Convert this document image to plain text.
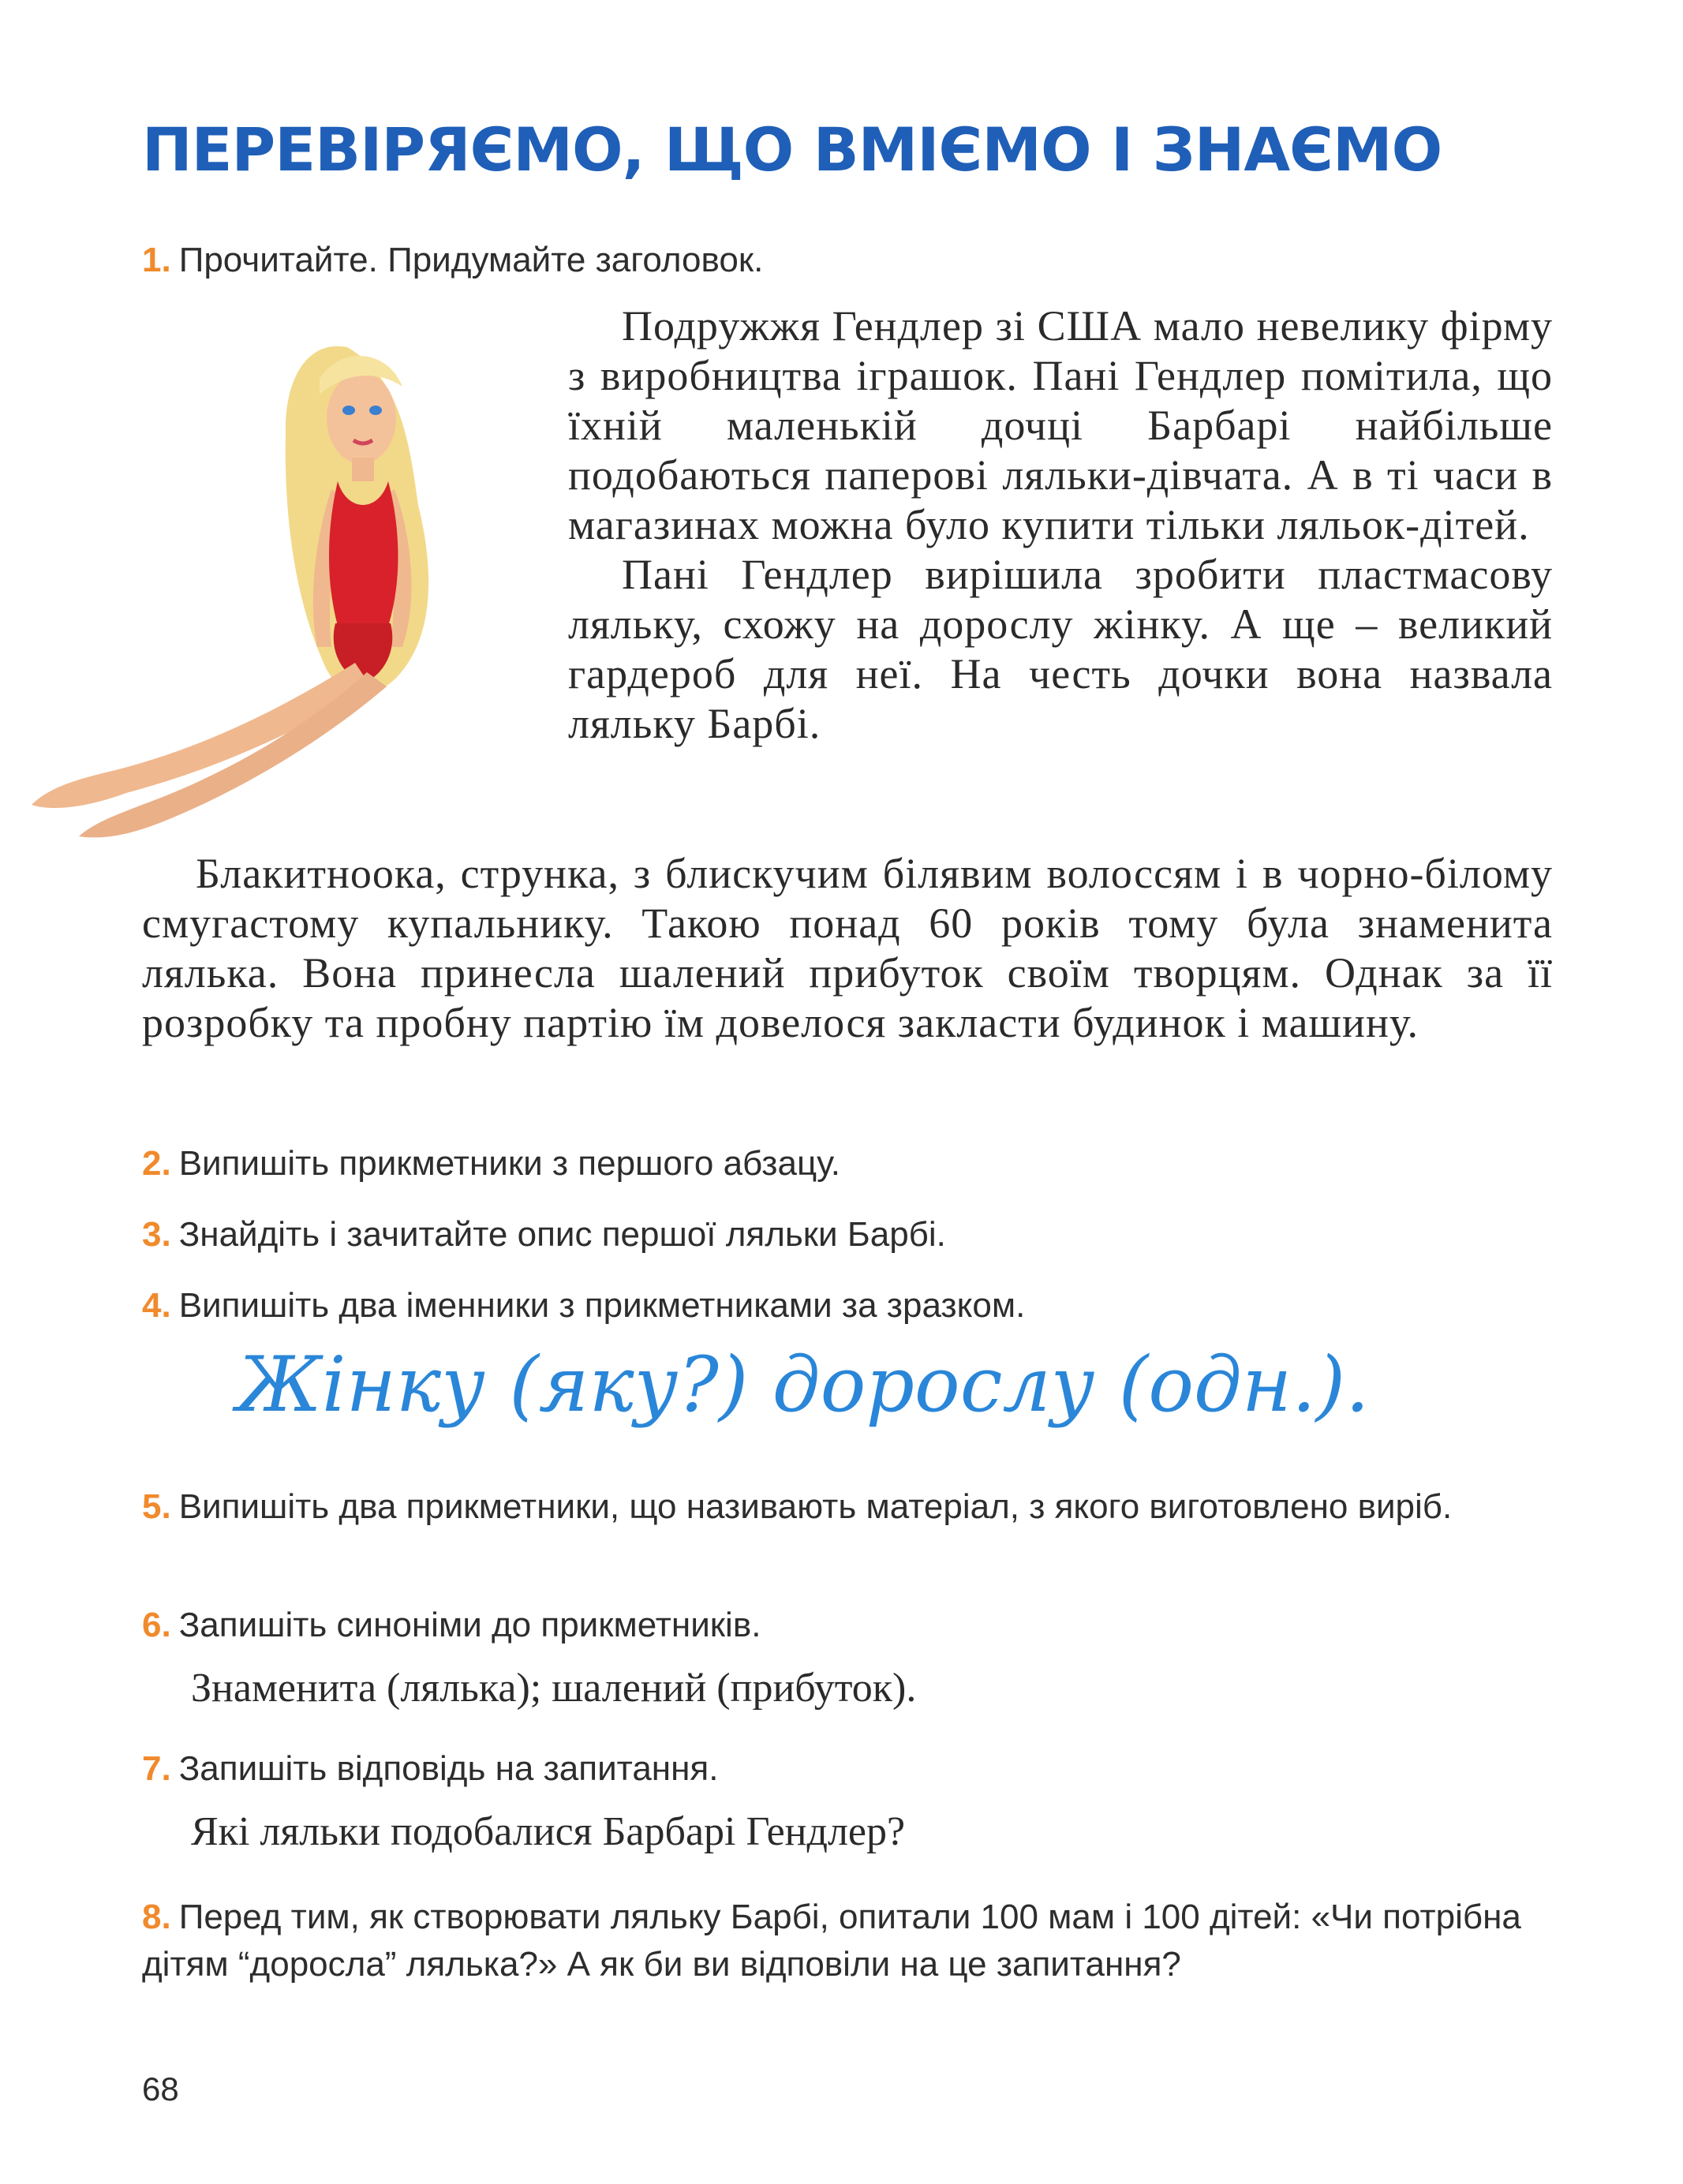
ПЕРЕВІРЯЄМО, ЩО ВМІЄМО І ЗНАЄМО
1. Прочитайте. Придумайте заголовок.

Подружжя Гендлер зі США мало невелику фірму з виробництва іграшок. Пані Гендлер помітила, що їхній маленькій дочці Барбарі найбільше подобаються паперові ляльки-дівчата. А в ті часи в магазинах можна було купити тільки ляльок-дітей.

Пані Гендлер вирішила зробити пластмасову ляльку, схожу на дорослу жінку. А ще – великий гардероб для неї. На честь дочки вона назвала ляльку Барбі.

Блакитноока, струнка, з блискучим білявим волоссям і в чорно-білому смугастому купальнику. Такою понад 60 років тому була знаменита лялька. Вона принесла шалений прибуток своїм творцям. Однак за її розробку та пробну партію їм довелося закласти будинок і машину.

2. Випишіть прикметники з першого абзацу.
3. Знайдіть і зачитайте опис першої ляльки Барбі.
4. Випишіть два іменники з прикметниками за зразком.
Жінку (яку?) дорослу (одн.).
5. Випишіть два прикметники, що називають матеріал, з якого виготовлено виріб.
6. Запишіть синоніми до прикметників.
Знаменита (лялька); шалений (прибуток).
7. Запишіть відповідь на запитання.
Які ляльки подобалися Барбарі Гендлер?
8. Перед тим, як створювати ляльку Барбі, опитали 100 мам і 100 дітей: «Чи потрібна дітям “доросла” лялька?» А як би ви відповіли на це запитання?
68
